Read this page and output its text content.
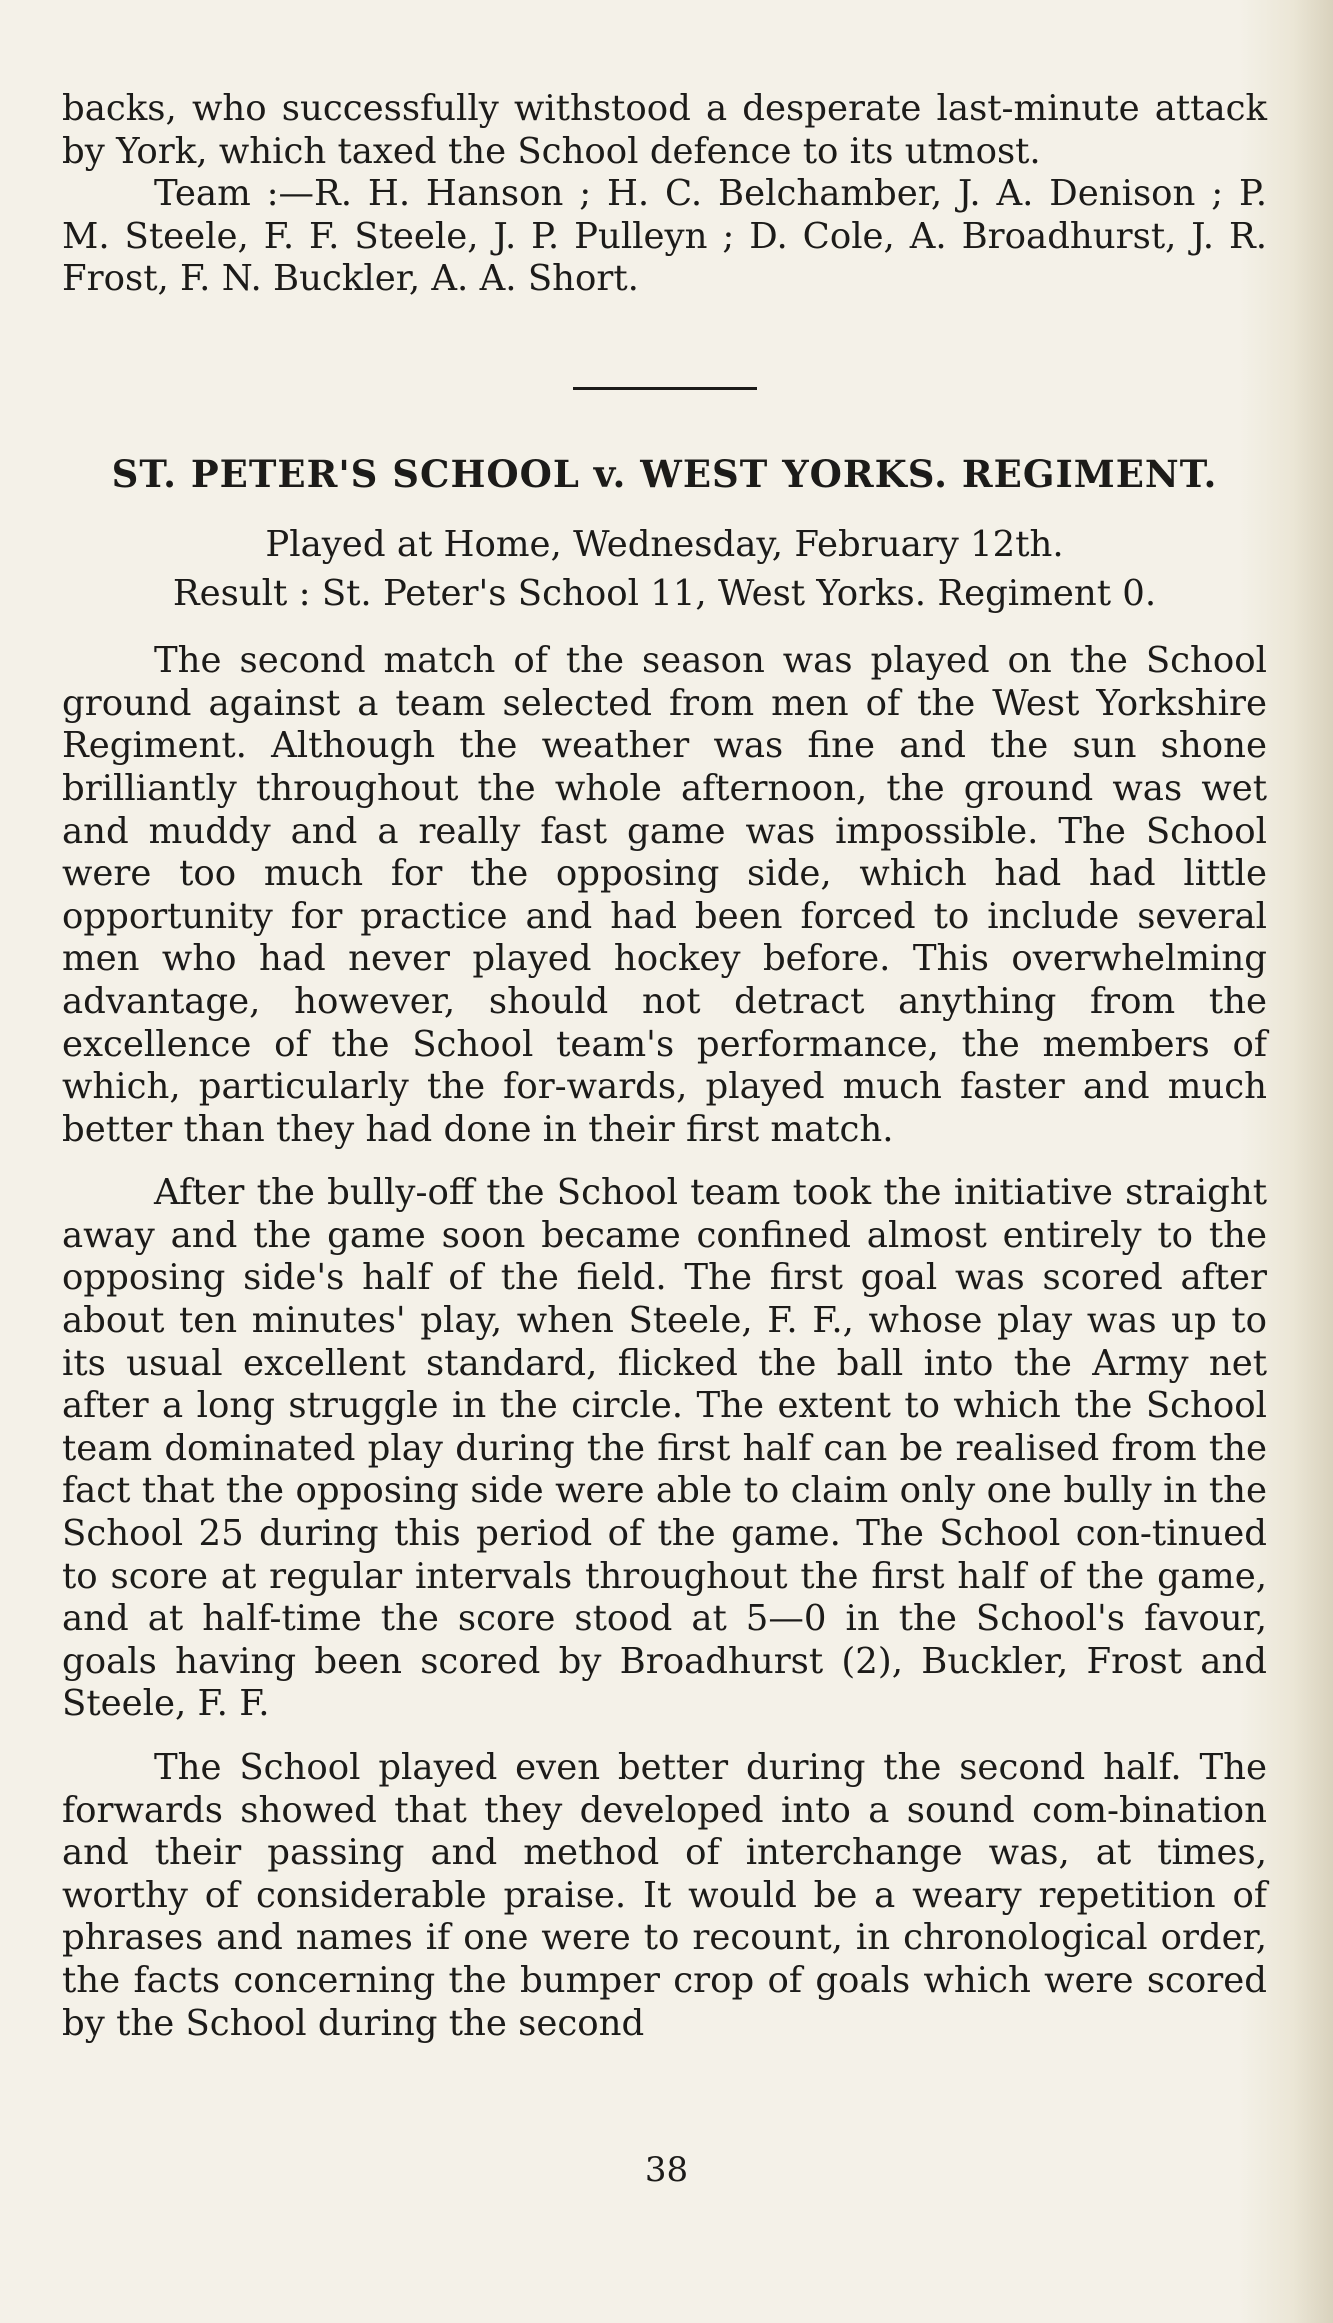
backs, who successfully withstood a desperate last-minute attack by York, which taxed the School defence to its utmost.

Team :—R. H. Hanson ; H. C. Belchamber, J. A. Denison ; P. M. Steele, F. F. Steele, J. P. Pulleyn ; D. Cole, A. Broadhurst, J. R. Frost, F. N. Buckler, A. A. Short.

ST. PETER'S SCHOOL v. WEST YORKS. REGIMENT.

Played at Home, Wednesday, February 12th.

Result : St. Peter's School 11, West Yorks. Regiment 0.

The second match of the season was played on the School ground against a team selected from men of the West Yorkshire Regiment. Although the weather was fine and the sun shone brilliantly throughout the whole afternoon, the ground was wet and muddy and a really fast game was impossible. The School were too much for the opposing side, which had had little opportunity for practice and had been forced to include several men who had never played hockey before. This overwhelming advantage, however, should not detract anything from the excellence of the School team's performance, the members of which, particularly the for-wards, played much faster and much better than they had done in their first match.

After the bully-off the School team took the initiative straight away and the game soon became confined almost entirely to the opposing side's half of the field. The first goal was scored after about ten minutes' play, when Steele, F. F., whose play was up to its usual excellent standard, flicked the ball into the Army net after a long struggle in the circle. The extent to which the School team dominated play during the first half can be realised from the fact that the opposing side were able to claim only one bully in the School 25 during this period of the game. The School con-tinued to score at regular intervals throughout the first half of the game, and at half-time the score stood at 5—0 in the School's favour, goals having been scored by Broadhurst (2), Buckler, Frost and Steele, F. F.

The School played even better during the second half. The forwards showed that they developed into a sound com-bination and their passing and method of interchange was, at times, worthy of considerable praise. It would be a weary repetition of phrases and names if one were to recount, in chronological order, the facts concerning the bumper crop of goals which were scored by the School during the second

38
